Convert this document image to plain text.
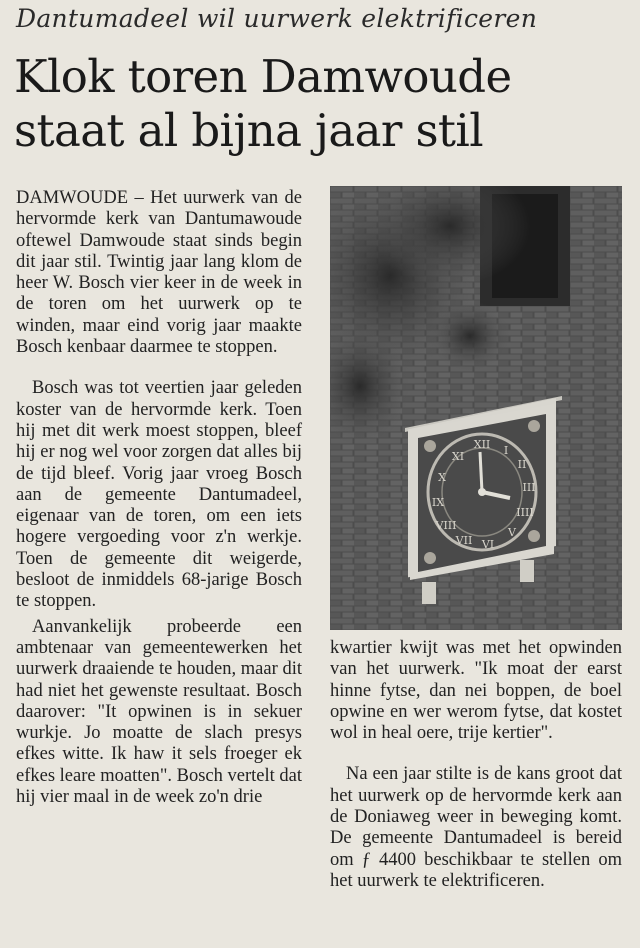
Dantumadeel wil uurwerk elektrificeren
Klok toren Damwoude
staat al bijna jaar stil

DAMWOUDE – Het uurwerk van de hervormde kerk van Dantumawoude oftewel Damwoude staat sinds begin dit jaar stil. Twintig jaar lang klom de heer W. Bosch vier keer in de week in de toren om het uurwerk op te winden, maar eind vorig jaar maakte Bosch kenbaar daarmee te stoppen.

Bosch was tot veertien jaar geleden koster van de hervormde kerk. Toen hij met dit werk moest stoppen, bleef hij er nog wel voor zorgen dat alles bij de tijd bleef. Vorig jaar vroeg Bosch aan de gemeente Dantumadeel, eigenaar van de toren, om een iets hogere vergoeding voor z'n werkje. Toen de gemeente dit weigerde, besloot de inmiddels 68-jarige Bosch te stoppen.

Aanvankelijk probeerde een ambtenaar van gemeentewerken het uurwerk draaiende te houden, maar dit had niet het gewenste resultaat. Bosch daarover: "It opwinen is in sekuer wurkje. Jo moatte de slach presys efkes witte. Ik haw it sels froeger ek efkes leare moatten". Bosch vertelt dat hij vier maal in de week zo'n drie

XII I
II
III
IIII
V
VI
VII
VIII
IX
X
XI

kwartier kwijt was met het opwinden van het uurwerk. "Ik moat der earst hinne fytse, dan nei boppen, de boel opwine en wer werom fytse, dat kostet wol in heal oere, trije kertier".

Na een jaar stilte is de kans groot dat het uurwerk op de hervormde kerk aan de Doniaweg weer in beweging komt. De gemeente Dantumadeel is bereid om ƒ 4400 beschikbaar te stellen om het uurwerk te elektrificeren.
